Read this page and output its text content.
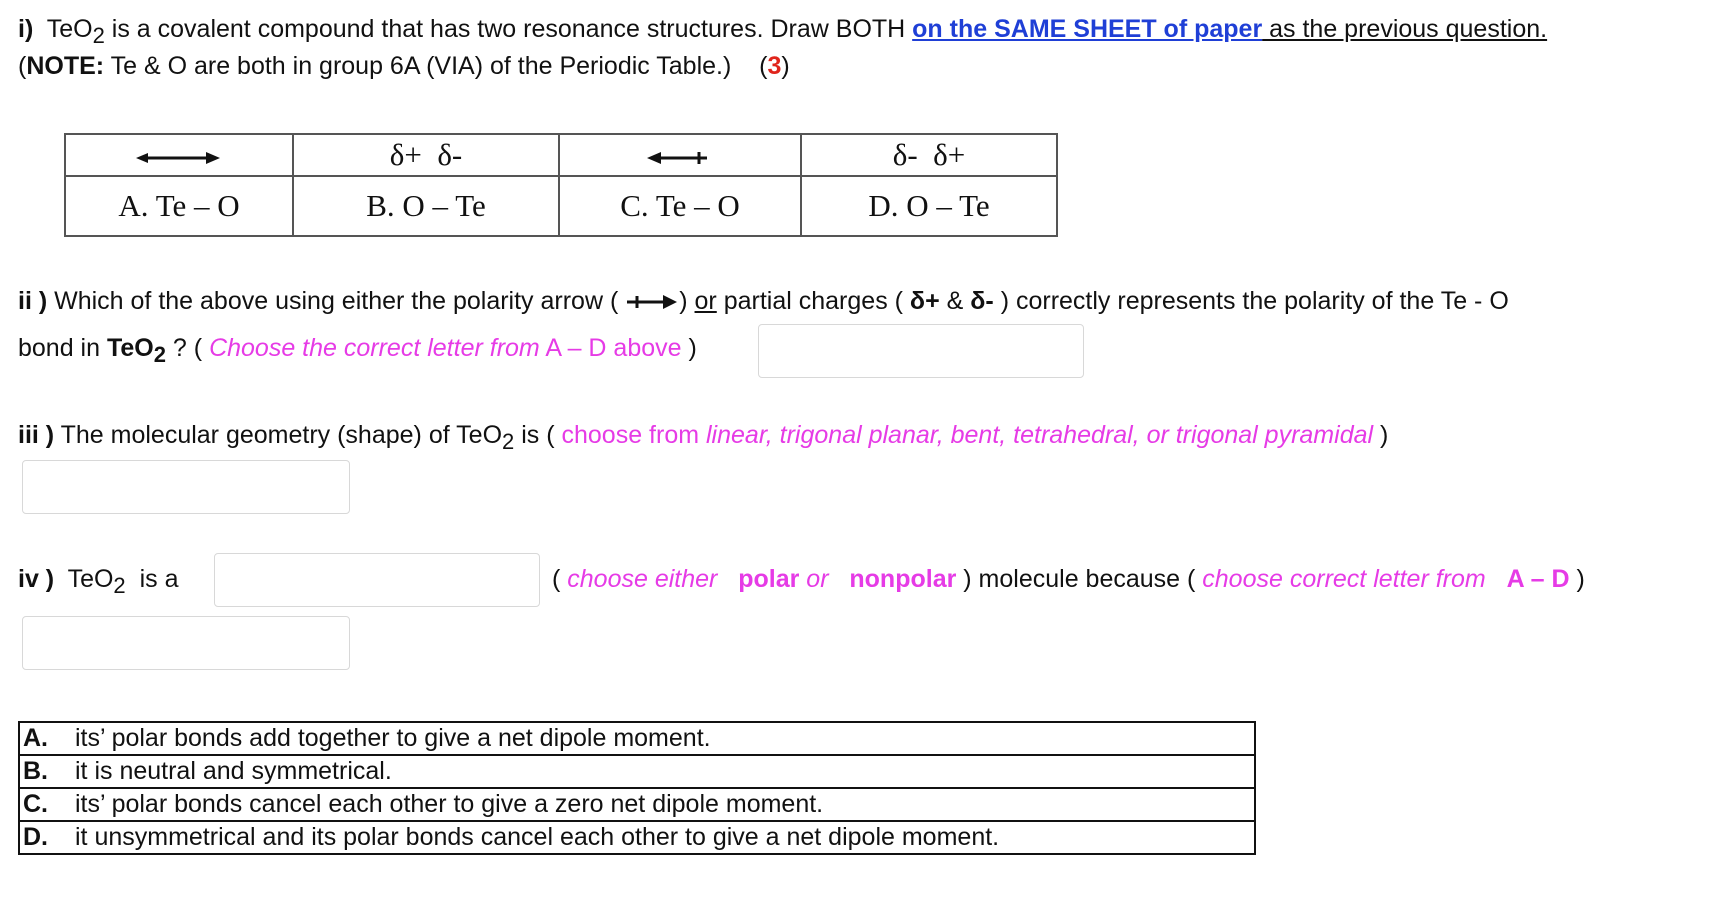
i) TeO$_2$ is a covalent compound that has two resonance structures. Draw BOTH on the SAME SHEET of paper as the previous question.
(NOTE: Te & O are both in group 6A (VIA) of the Periodic Table.) (3)
	δ+  δ-		δ-  δ+
A. Te – O	B. O – Te	C. Te – O	D. O – Te
ii ) Which of the above using either the polarity arrow ( ) or partial charges ( δ+ & δ- ) correctly represents the polarity of the Te - O
bond in TeO$_2$ ? ( Choose the correct letter from A – D above )
iii ) The molecular geometry (shape) of TeO$_2$ is ( choose from linear, trigonal planar, bent, tetrahedral, or trigonal pyramidal )
iv )  TeO$_2$  is a	( choose either   polar or   nonpolar ) molecule because ( choose correct letter from   A – D )
A. its’ polar bonds add together to give a net dipole moment.
B. it is neutral and symmetrical.
C. its’ polar bonds cancel each other to give a zero net dipole moment.
D. it unsymmetrical and its polar bonds cancel each other to give a net dipole moment.
